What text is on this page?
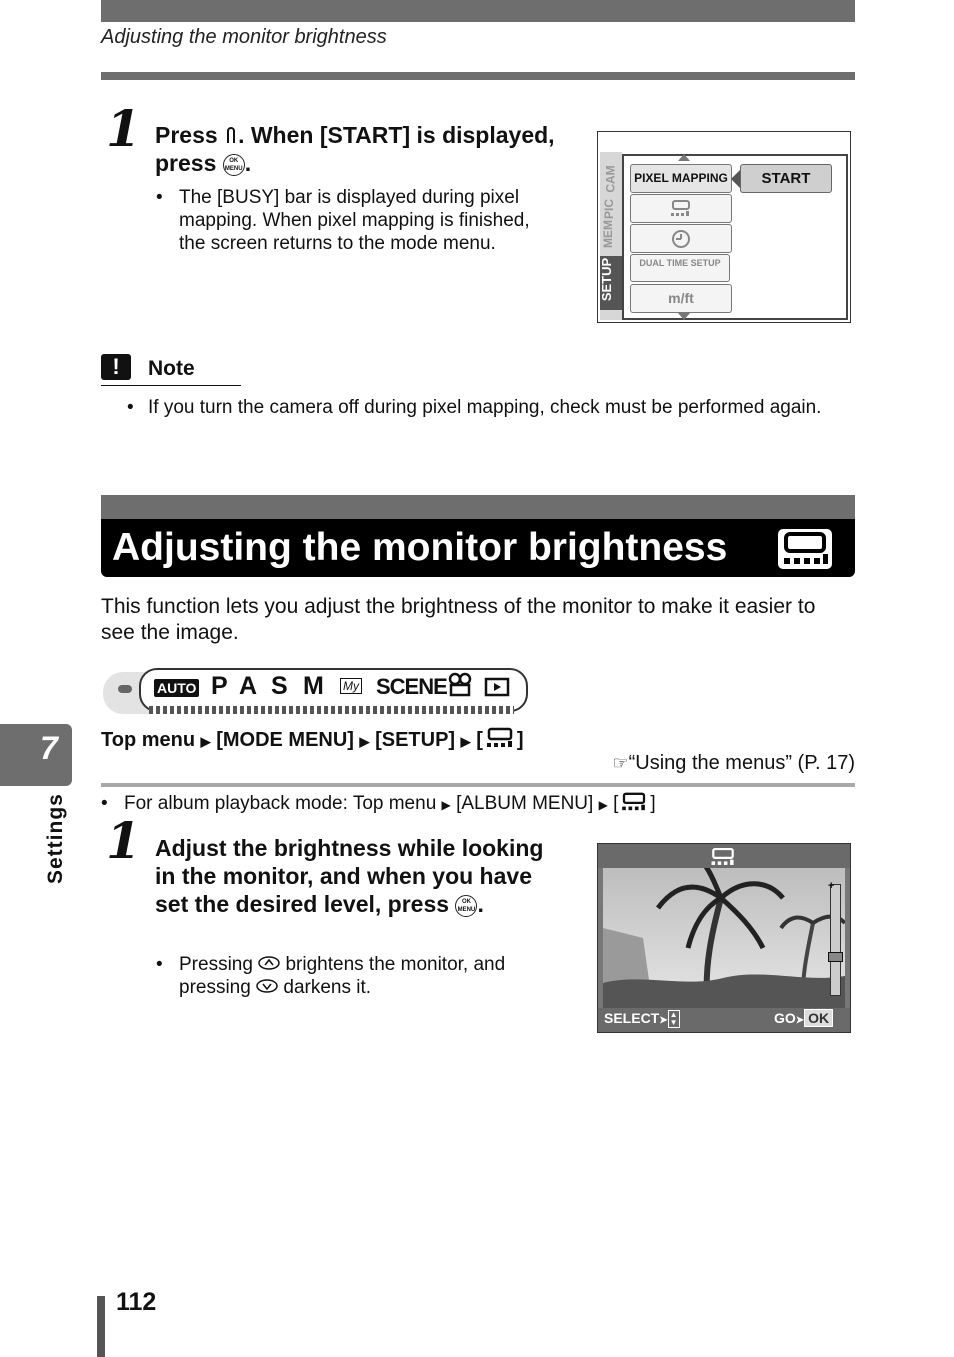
Adjusting the monitor brightness
1 Press . When [START] is displayed, press OK
MENU.
• The [BUSY] bar is displayed during pixel mapping. When pixel mapping is finished, the screen returns to the mode menu.
SETUP
MEM
PIC
CAM	PIXEL MAPPING
DUAL TIME SETUP
m/ft
START
!	Note
• If you turn the camera off during pixel mapping, check must be performed again.
Adjusting the monitor brightness
This function lets you adjust the brightness of the monitor to make it easier to see the image.
AUTO P A S M My SCENE
Top menu ▶ [MODE MENU] ▶ [SETUP] ▶ [ ]
☞“Using the menus” (P. 17)
• For album playback mode: Top menu ▶ [ALBUM MENU] ▶ [ ]
1 Adjust the brightness while looking in the monitor, and when you have set the desired level, press OK
MENU.
• Pressing  brightens the monitor, and pressing  darkens it.
+
SELECT➤▲
▼	GO➤ OK
7
Settings
112
